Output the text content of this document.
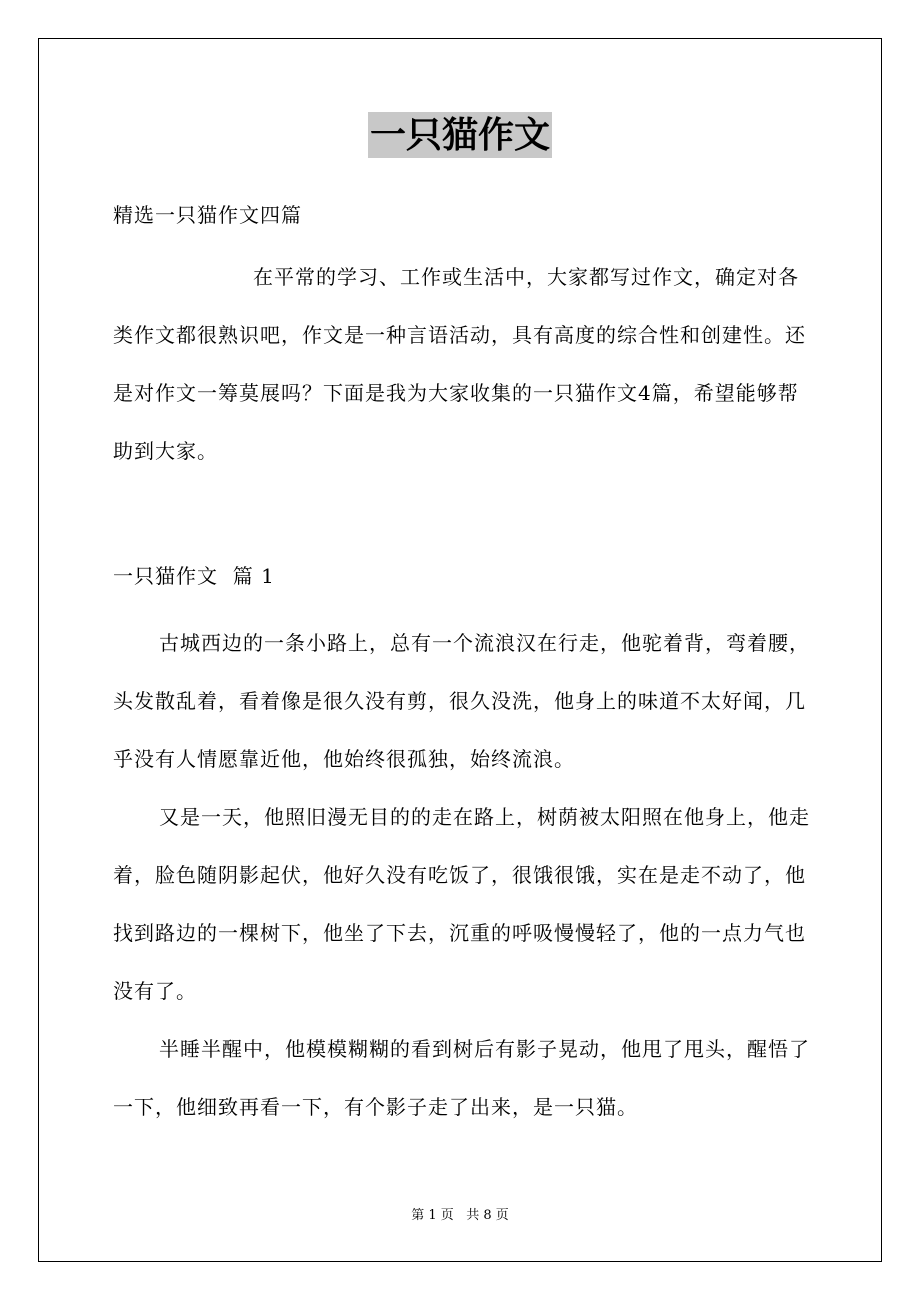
一只猫作文
精选一只猫作文四篇
在平常的学习、工作或生活中，大家都写过作文，确定对各类作文都很熟识吧，作文是一种言语活动，具有高度的综合性和创建性。还是对作文一筹莫展吗？下面是我为大家收集的一只猫作文4篇，希望能够帮助到大家。
一只猫作文  篇 1
古城西边的一条小路上，总有一个流浪汉在行走，他驼着背，弯着腰，头发散乱着，看着像是很久没有剪，很久没洗，他身上的味道不太好闻，几乎没有人情愿靠近他，他始终很孤独，始终流浪。
又是一天，他照旧漫无目的的走在路上，树荫被太阳照在他身上，他走着，脸色随阴影起伏，他好久没有吃饭了，很饿很饿，实在是走不动了，他找到路边的一棵树下，他坐了下去，沉重的呼吸慢慢轻了，他的一点力气也没有了。
半睡半醒中，他模模糊糊的看到树后有影子晃动，他甩了甩头，醒悟了一下，他细致再看一下，有个影子走了出来，是一只猫。
第 1 页   共 8 页
